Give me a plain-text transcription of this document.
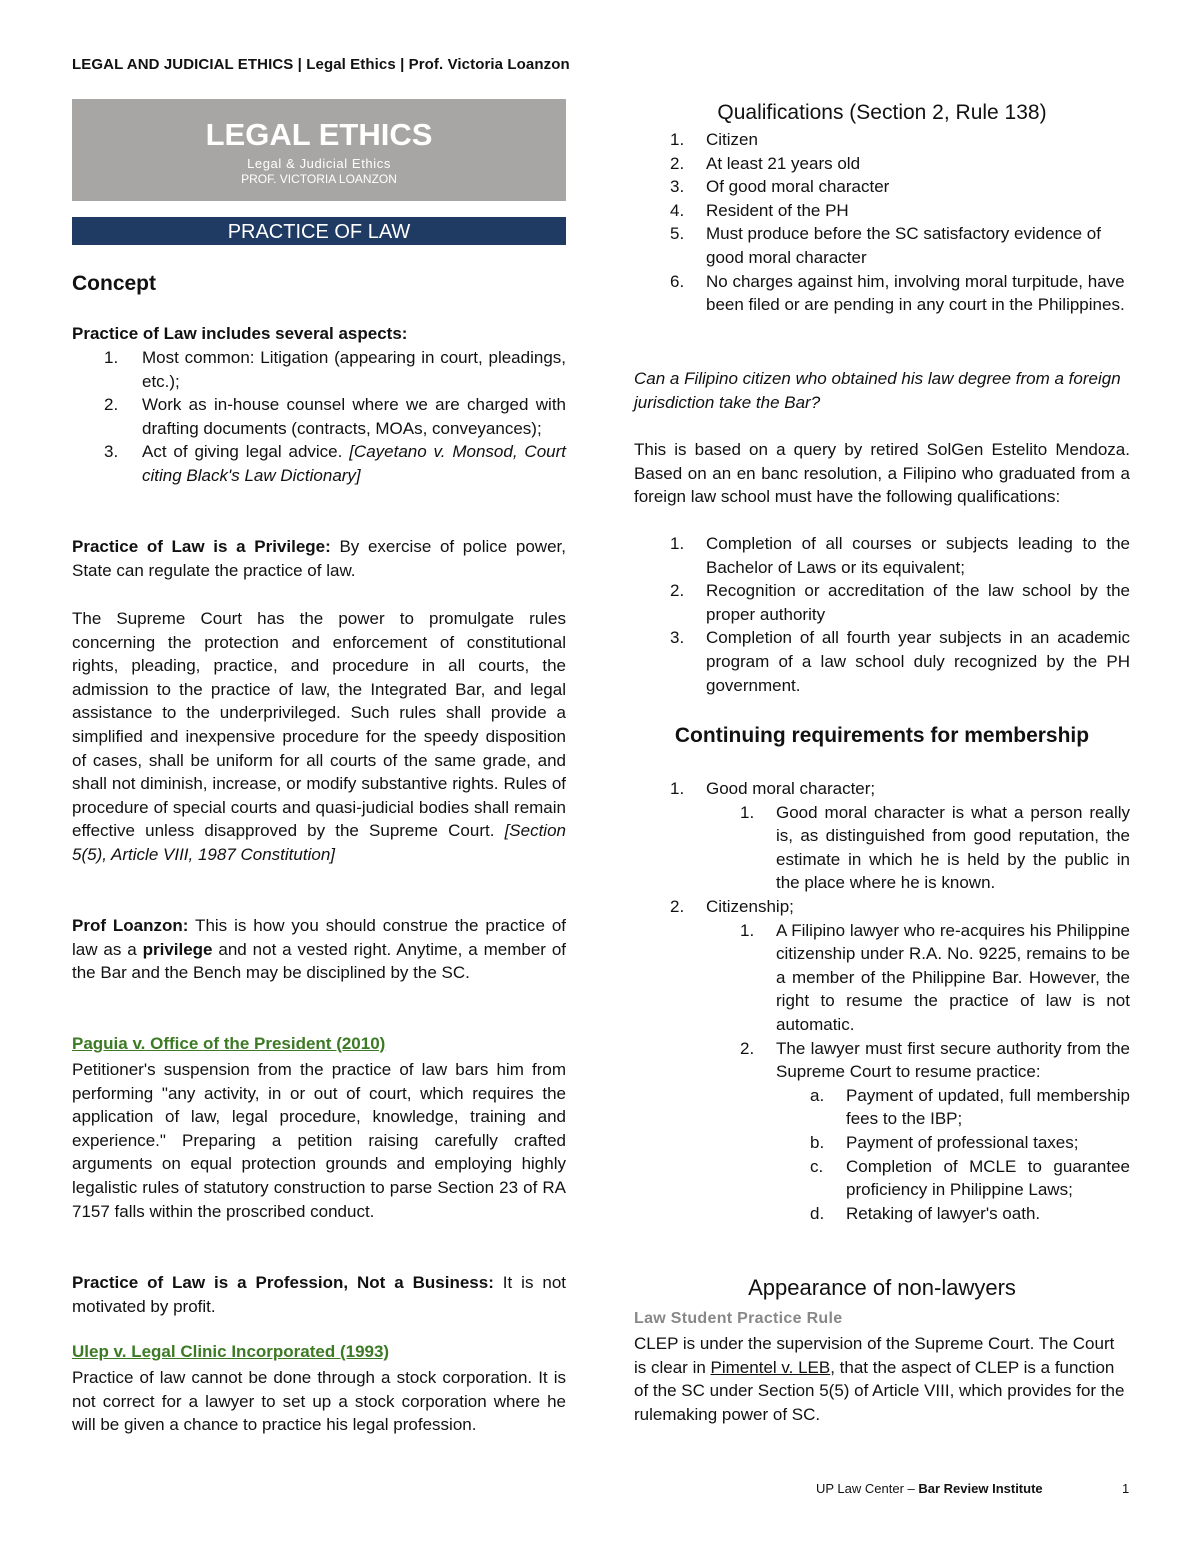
LEGAL AND JUDICIAL ETHICS | Legal Ethics | Prof. Victoria Loanzon
LEGAL ETHICS
Legal & Judicial Ethics
PROF. VICTORIA LOANZON
PRACTICE OF LAW
Concept

Practice of Law includes several aspects:

1. Most common: Litigation (appearing in court, pleadings, etc.);
2. Work as in-house counsel where we are charged with drafting documents (contracts, MOAs, conveyances);
3. Act of giving legal advice. [Cayetano v. Monsod, Court citing Black's Law Dictionary]

Practice of Law is a Privilege: By exercise of police power, State can regulate the practice of law.

The Supreme Court has the power to promulgate rules concerning the protection and enforcement of constitutional rights, pleading, practice, and procedure in all courts, the admission to the practice of law, the Integrated Bar, and legal assistance to the underprivileged. Such rules shall provide a simplified and inexpensive procedure for the speedy disposition of cases, shall be uniform for all courts of the same grade, and shall not diminish, increase, or modify substantive rights. Rules of procedure of special courts and quasi-judicial bodies shall remain effective unless disapproved by the Supreme Court. [Section 5(5), Article VIII, 1987 Constitution]

Prof Loanzon: This is how you should construe the practice of law as a privilege and not a vested right. Anytime, a member of the Bar and the Bench may be disciplined by the SC.

Paguia v. Office of the President (2010)

Petitioner's suspension from the practice of law bars him from performing "any activity, in or out of court, which requires the application of law, legal procedure, knowledge, training and experience." Preparing a petition raising carefully crafted arguments on equal protection grounds and employing highly legalistic rules of statutory construction to parse Section 23 of RA 7157 falls within the proscribed conduct.

Practice of Law is a Profession, Not a Business: It is not motivated by profit.

Ulep v. Legal Clinic Incorporated (1993)

Practice of law cannot be done through a stock corporation. It is not correct for a lawyer to set up a stock corporation where he will be given a chance to practice his legal profession.

Qualifications (Section 2, Rule 138)
1. Citizen
2. At least 21 years old
3. Of good moral character
4. Resident of the PH
5. Must produce before the SC satisfactory evidence of good moral character
6. No charges against him, involving moral turpitude, have been filed or are pending in any court in the Philippines.

Can a Filipino citizen who obtained his law degree from a foreign jurisdiction take the Bar?

This is based on a query by retired SolGen Estelito Mendoza. Based on an en banc resolution, a Filipino who graduated from a foreign law school must have the following qualifications:

1. Completion of all courses or subjects leading to the Bachelor of Laws or its equivalent;
2. Recognition or accreditation of the law school by the proper authority
3. Completion of all fourth year subjects in an academic program of a law school duly recognized by the PH government.
Continuing requirements for membership
1. Good moral character;
1. Good moral character is what a person really is, as distinguished from good reputation, the estimate in which he is held by the public in the place where he is known.
2. Citizenship;
1. A Filipino lawyer who re-acquires his Philippine citizenship under R.A. No. 9225, remains to be a member of the Philippine Bar. However, the right to resume the practice of law is not automatic.
2. The lawyer must first secure authority from the Supreme Court to resume practice:
a. Payment of updated, full membership fees to the IBP;
b. Payment of professional taxes;
c. Completion of MCLE to guarantee proficiency in Philippine Laws;
d. Retaking of lawyer's oath.
Appearance of non-lawyers
Law Student Practice Rule

CLEP is under the supervision of the Supreme Court. The Court is clear in Pimentel v. LEB, that the aspect of CLEP is a function of the SC under Section 5(5) of Article VIII, which provides for the rulemaking power of SC.

UP Law Center – Bar Review Institute	1
